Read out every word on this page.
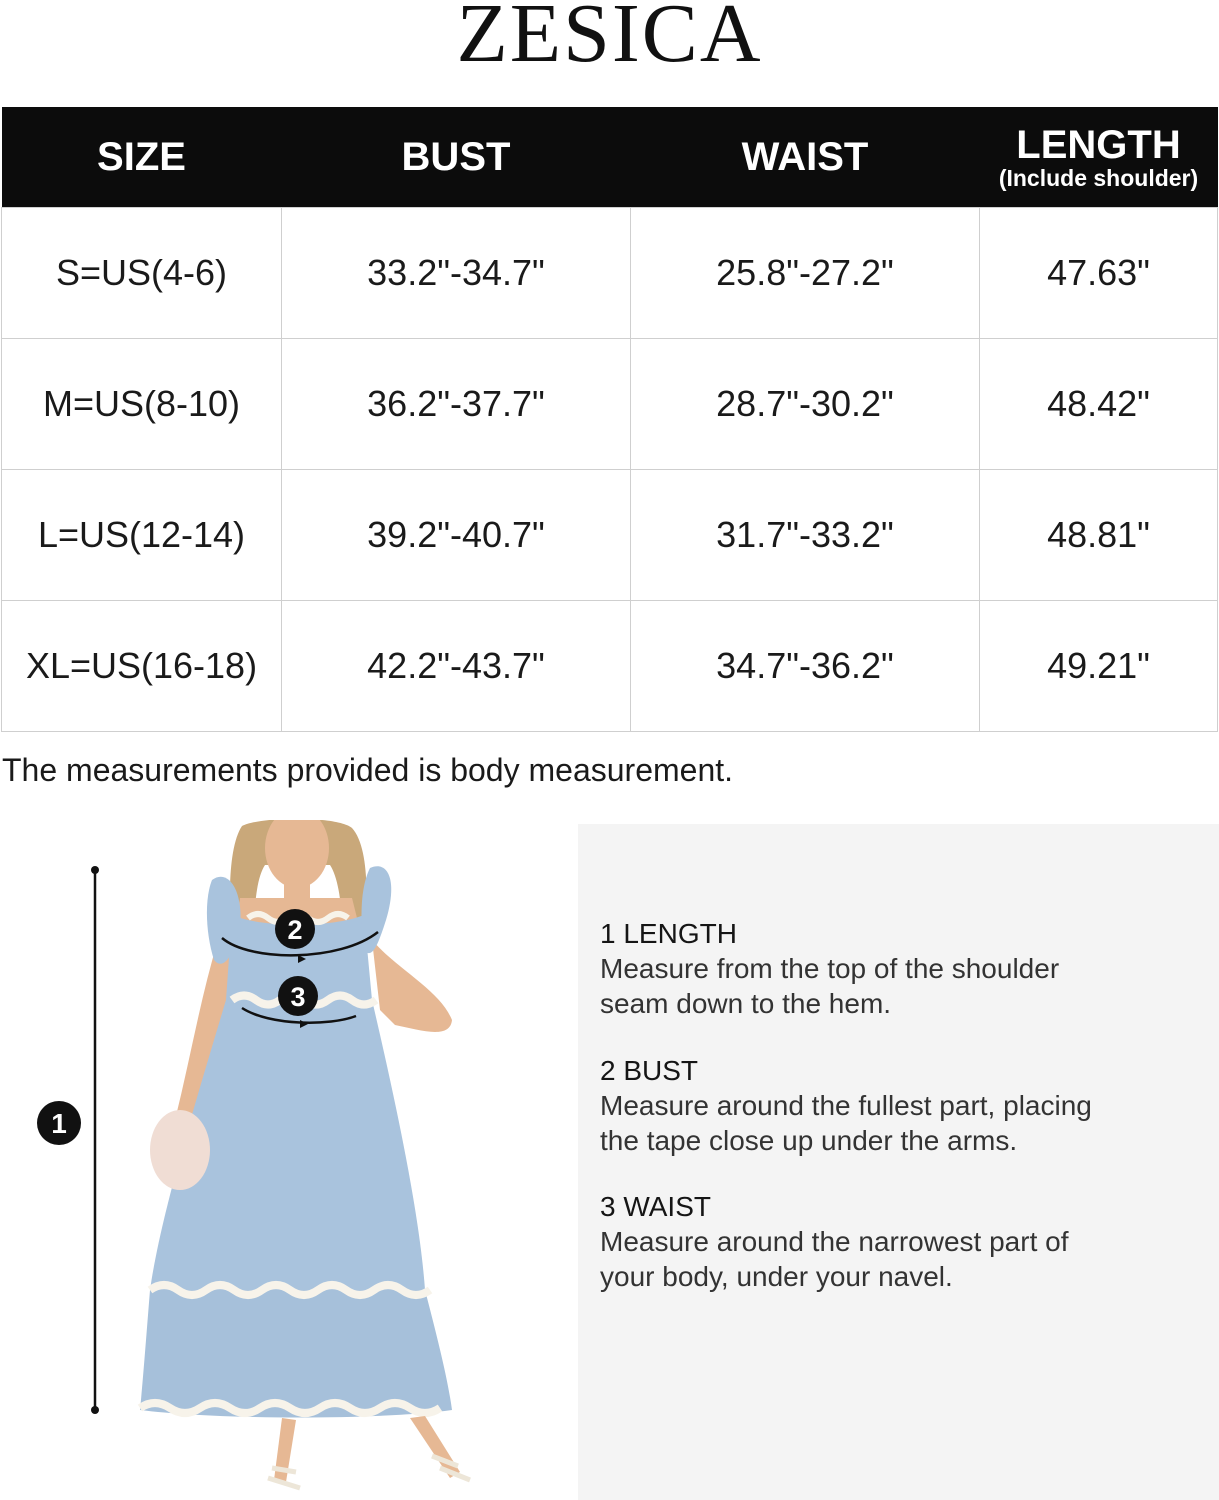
ZESICA
SIZE	BUST	WAIST	LENGTH
(Include shoulder)

S=US(4-6)	33.2"-34.7"	25.8"-27.2"	47.63"
M=US(8-10)	36.2"-37.7"	28.7"-30.2"	48.42"
L=US(12-14)	39.2"-40.7"	31.7"-33.2"	48.81"
XL=US(16-18)	42.2"-43.7"	34.7"-36.2"	49.21"
The measurements provided is body measurement.
1
2
3
1 LENGTH
Measure from the top of the shoulder
seam down to the hem.
2 BUST
Measure around the fullest part, placing
the tape close up under the arms.
3 WAIST
Measure around the narrowest part of
your body, under your navel.
